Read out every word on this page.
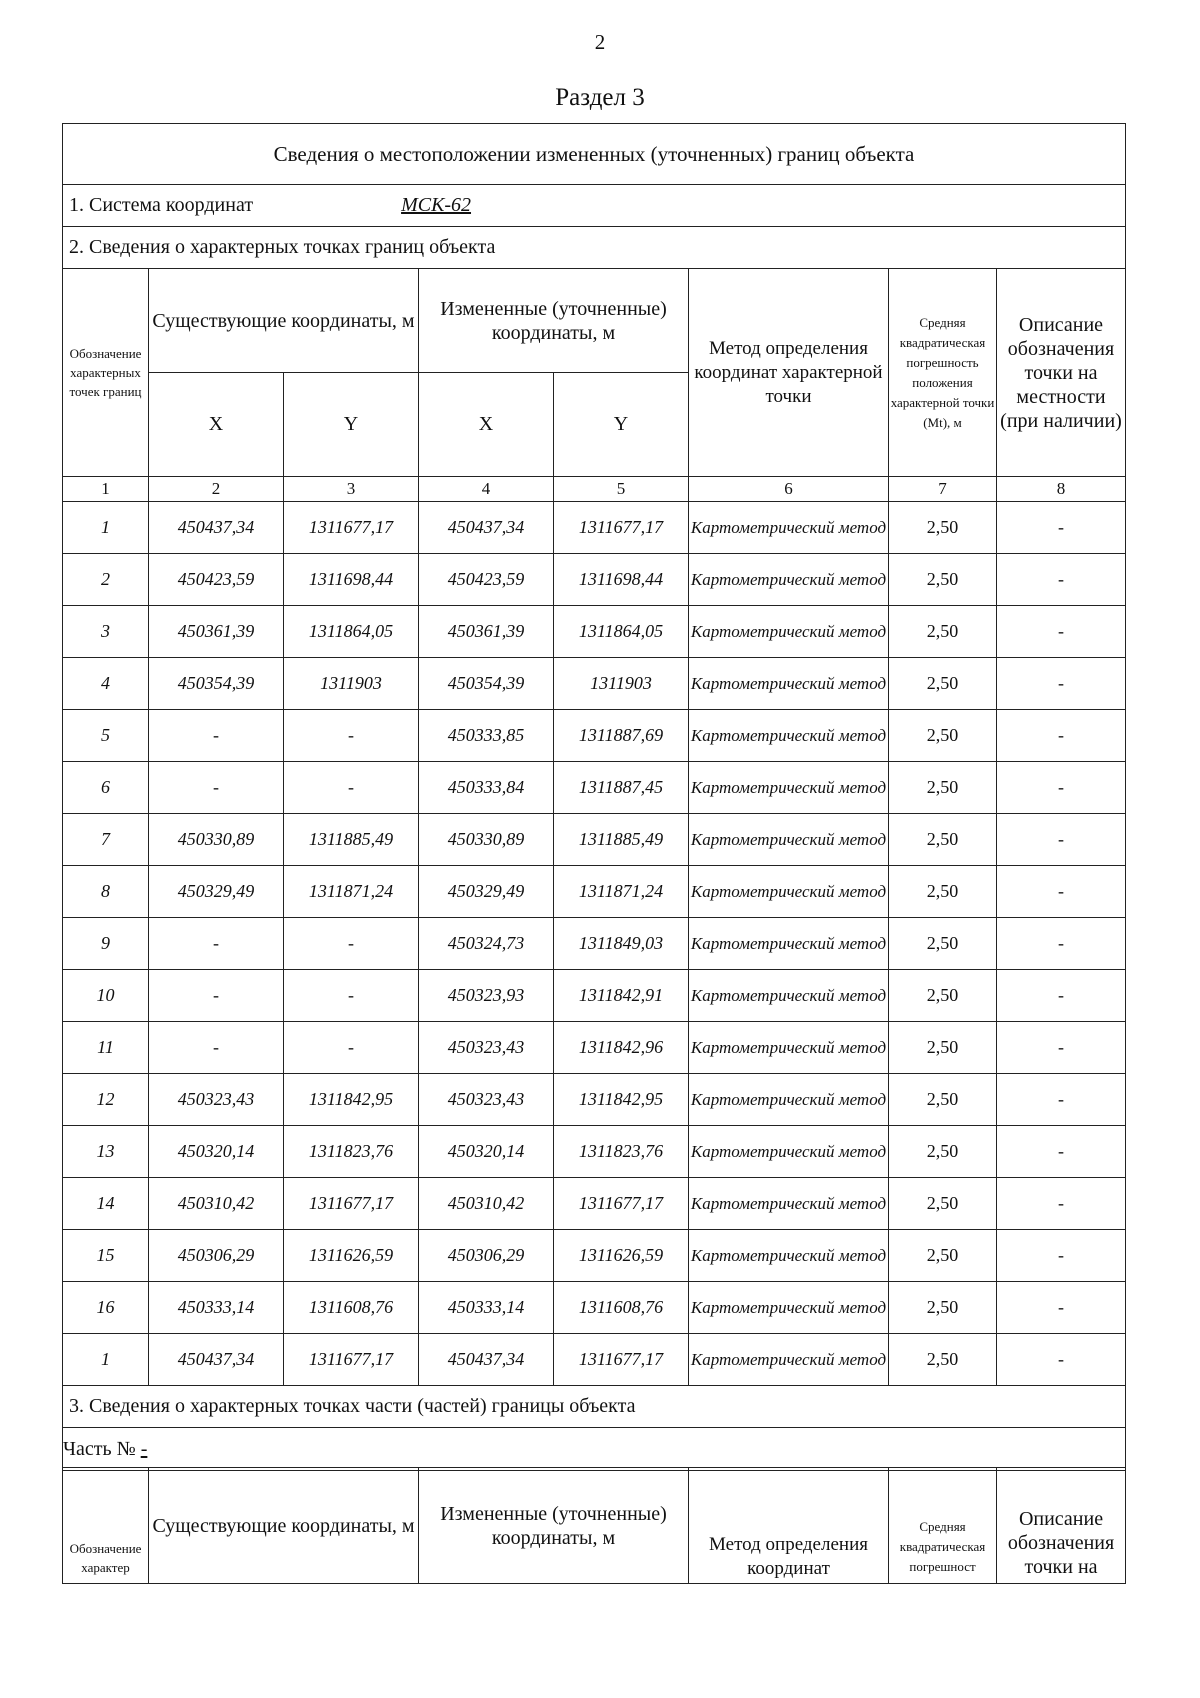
2
Раздел 3
Сведения о местоположении измененных (уточненных) границ объекта							
1. Система координат МСК-62							
2. Сведения о характерных точках границ объекта							
Обозначение характерных точек границ	Существующие координаты, м		Измененные (уточненные) координаты, м		Метод определения координат характерной точки	Средняя квадратическая погрешность положения характерной точки (Mt), м	Описание обозначения точки на местности (при наличии)
	X	Y	X	Y			
1	2	3	4	5	6	7	8
1	450437,34	1311677,17	450437,34	1311677,17	Картометрический метод	2,50	-
2	450423,59	1311698,44	450423,59	1311698,44	Картометрический метод	2,50	-
3	450361,39	1311864,05	450361,39	1311864,05	Картометрический метод	2,50	-
4	450354,39	1311903	450354,39	1311903	Картометрический метод	2,50	-
5	-	-	450333,85	1311887,69	Картометрический метод	2,50	-
6	-	-	450333,84	1311887,45	Картометрический метод	2,50	-
7	450330,89	1311885,49	450330,89	1311885,49	Картометрический метод	2,50	-
8	450329,49	1311871,24	450329,49	1311871,24	Картометрический метод	2,50	-
9	-	-	450324,73	1311849,03	Картометрический метод	2,50	-
10	-	-	450323,93	1311842,91	Картометрический метод	2,50	-
11	-	-	450323,43	1311842,96	Картометрический метод	2,50	-
12	450323,43	1311842,95	450323,43	1311842,95	Картометрический метод	2,50	-
13	450320,14	1311823,76	450320,14	1311823,76	Картометрический метод	2,50	-
14	450310,42	1311677,17	450310,42	1311677,17	Картометрический метод	2,50	-
15	450306,29	1311626,59	450306,29	1311626,59	Картометрический метод	2,50	-
16	450333,14	1311608,76	450333,14	1311608,76	Картометрический метод	2,50	-
1	450437,34	1311677,17	450437,34	1311677,17	Картометрический метод	2,50	-
3. Сведения о характерных точках части (частей) границы объекта							
Часть № -							
Обозначение характер	Существующие координаты, м	Измененные (уточненные) координаты, м	Метод определения координат	Средняя квадратическая погрешност	Описание обозначения точки на
